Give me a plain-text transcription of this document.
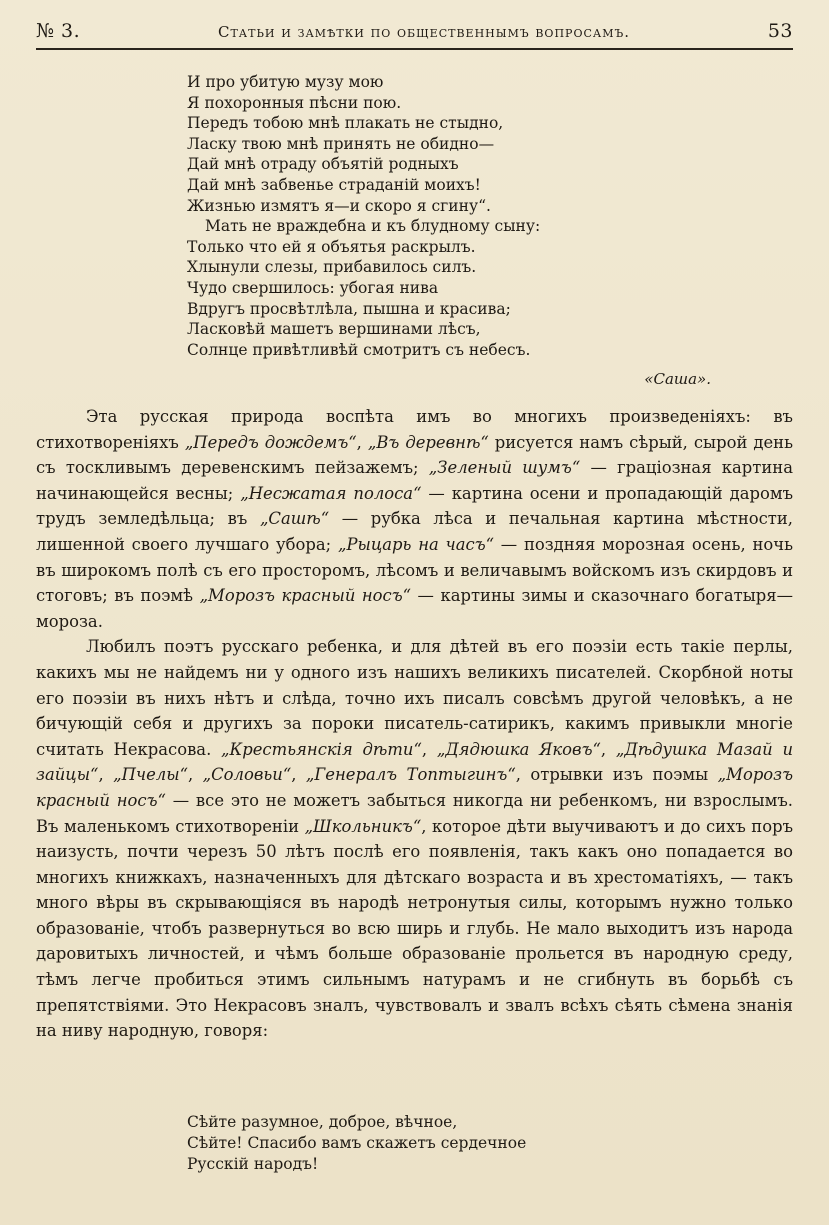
№ 3.	Статьи и замѣтки по общественнымъ вопросамъ.	53
И про убитую музу мою
Я похоронныя пѣсни пою.
Передъ тобою мнѣ плакать не стыдно,
Ласку твою мнѣ принять не обидно—
Дай мнѣ отраду объятій родныхъ
Дай мнѣ забвенье страданій моихъ!
Жизнью измятъ я—и скоро я сгину“.
Мать не враждебна и къ блудному сыну:
Только что ей я объятья раскрылъ.
Хлынули слезы, прибавилось силъ.
Чудо свершилось: убогая нива
Вдругъ просвѣтлѣла, пышна и красива;
Ласковѣй машетъ вершинами лѣсъ,
Солнце привѣтливѣй смотритъ съ небесъ.
«Саша».

Эта русская природа воспѣта имъ во многихъ произведеніяхъ: въ стихотвореніяхъ „Передъ дождемъ“, „Въ деревнѣ“ рисуется намъ сѣрый, сырой день съ тоскливымъ деревенскимъ пейзажемъ; „Зеленый шумъ“ — граціозная картина начинающейся весны; „Несжатая полоса“ — картина осени и пропадающій даромъ трудъ земледѣльца; въ „Сашѣ“ — рубка лѣса и печальная картина мѣстности, лишенной своего лучшаго убора; „Рыцарь на часъ“ — поздняя морозная осень, ночь въ широкомъ полѣ съ его просторомъ, лѣсомъ и величавымъ войскомъ изъ скирдовъ и стоговъ; въ поэмѣ „Морозъ красный носъ“ — картины зимы и сказочнаго богатыря—мороза.

Любилъ поэтъ русскаго ребенка, и для дѣтей въ его поэзіи есть такіе перлы, какихъ мы не найдемъ ни у одного изъ нашихъ великихъ писателей. Скорбной ноты его поэзіи въ нихъ нѣтъ и слѣда, точно ихъ писалъ совсѣмъ другой человѣкъ, а не бичующій себя и другихъ за пороки писатель-сатирикъ, какимъ привыкли многіе считать Некрасова. „Крестьянскія дѣти“, „Дядюшка Яковъ“, „Дѣдушка Мазай и зайцы“, „Пчелы“, „Соловьи“, „Генералъ Топтыгинъ“, отрывки изъ поэмы „Морозъ красный носъ“ — все это не можетъ забыться никогда ни ребенкомъ, ни взрослымъ. Въ маленькомъ стихотвореніи „Школьникъ“, которое дѣти выучиваютъ и до сихъ поръ наизусть, почти черезъ 50 лѣтъ послѣ его появленія, такъ какъ оно попадается во многихъ книжкахъ, назначенныхъ для дѣтскаго возраста и въ хрестоматіяхъ, — такъ много вѣры въ скрывающіяся въ народѣ нетронутыя силы, которымъ нужно только образованіе, чтобъ развернуться во всю ширь и глубь. Не мало выходитъ изъ народа даровитыхъ личностей, и чѣмъ больше образованіе прольется въ народную среду, тѣмъ легче пробиться этимъ сильнымъ натурамъ и не сгибнуть въ борьбѣ съ препятствіями. Это Некрасовъ зналъ, чувствовалъ и звалъ всѣхъ сѣять сѣмена знанія на ниву народную, говоря:

Сѣйте разумное, доброе, вѣчное,
Сѣйте! Спасибо вамъ скажетъ сердечное
Русскій народъ!
